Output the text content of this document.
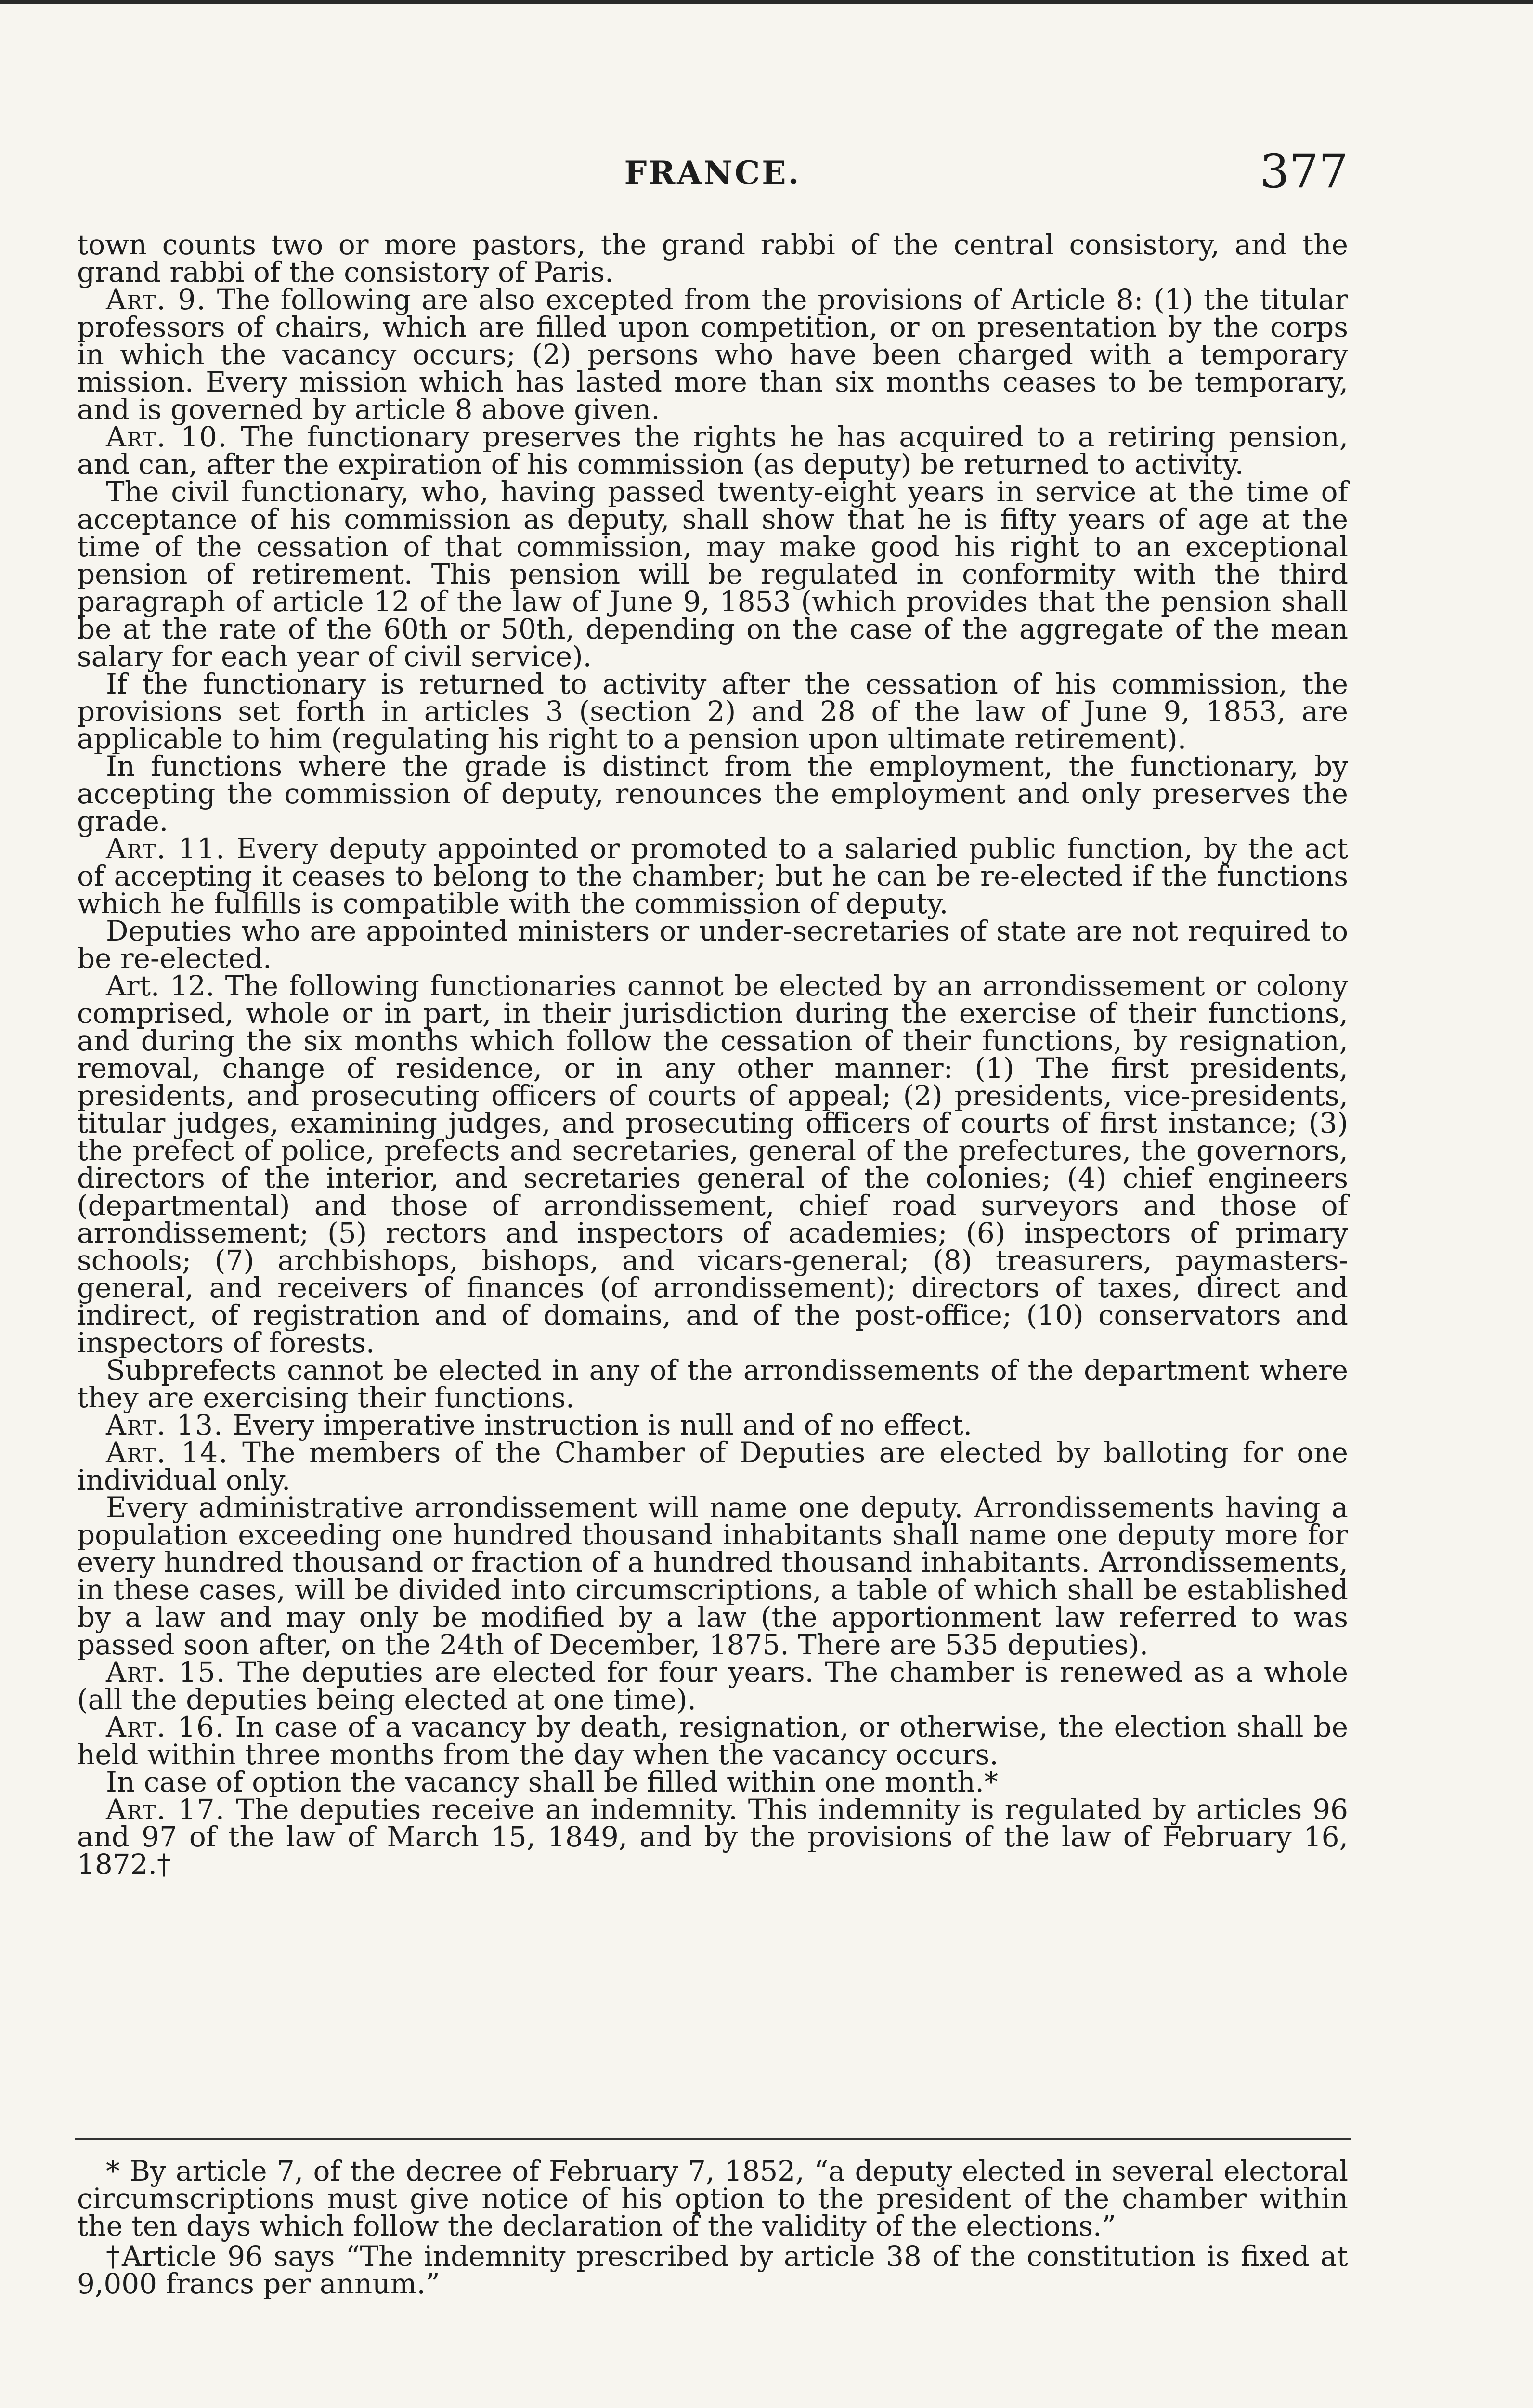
FRANCE.	377

town counts two or more pastors, the grand rabbi of the central consistory, and the grand rabbi of the consistory of Paris.

Art. 9. The following are also excepted from the provisions of Article 8: (1) the titular professors of chairs, which are filled upon competition, or on presentation by the corps in which the vacancy occurs; (2) persons who have been charged with a temporary mission. Every mission which has lasted more than six months ceases to be temporary, and is governed by article 8 above given.

Art. 10. The functionary preserves the rights he has acquired to a retiring pension, and can, after the expiration of his commission (as deputy) be returned to activity.

The civil functionary, who, having passed twenty-eight years in service at the time of acceptance of his commission as deputy, shall show that he is fifty years of age at the time of the cessation of that commission, may make good his right to an exceptional pension of retirement. This pension will be regulated in conformity with the third paragraph of article 12 of the law of June 9, 1853 (which provides that the pension shall be at the rate of the 60th or 50th, depending on the case of the aggregate of the mean salary for each year of civil service).

If the functionary is returned to activity after the cessation of his commission, the provisions set forth in articles 3 (section 2) and 28 of the law of June 9, 1853, are applicable to him (regulating his right to a pension upon ultimate retirement).

In functions where the grade is distinct from the employment, the functionary, by accepting the commission of deputy, renounces the employment and only preserves the grade.

Art. 11. Every deputy appointed or promoted to a salaried public function, by the act of accepting it ceases to belong to the chamber; but he can be re-elected if the functions which he fulfills is compatible with the commission of deputy.

Deputies who are appointed ministers or under-secretaries of state are not required to be re-elected.

Art. 12. The following functionaries cannot be elected by an arrondissement or colony comprised, whole or in part, in their jurisdiction during the exercise of their functions, and during the six months which follow the cessation of their functions, by resignation, removal, change of residence, or in any other manner: (1) The first presidents, presidents, and prosecuting officers of courts of appeal; (2) presidents, vice-presidents, titular judges, examining judges, and prosecuting officers of courts of first instance; (3) the prefect of police, prefects and secretaries, general of the prefectures, the governors, directors of the interior, and secretaries general of the colonies; (4) chief engineers (departmental) and those of arrondissement, chief road surveyors and those of arrondissement; (5) rectors and inspectors of academies; (6) inspectors of primary schools; (7) archbishops, bishops, and vicars-general; (8) treasurers, paymasters-general, and receivers of finances (of arrondissement); directors of taxes, direct and indirect, of registration and of domains, and of the post-office; (10) conservators and inspectors of forests.

Subprefects cannot be elected in any of the arrondissements of the department where they are exercising their functions.

Art. 13. Every imperative instruction is null and of no effect.

Art. 14. The members of the Chamber of Deputies are elected by balloting for one individual only.

Every administrative arrondissement will name one deputy. Arrondissements having a population exceeding one hundred thousand inhabitants shall name one deputy more for every hundred thousand or fraction of a hundred thousand inhabitants. Arrondissements, in these cases, will be divided into circumscriptions, a table of which shall be established by a law and may only be modified by a law (the apportionment law referred to was passed soon after, on the 24th of December, 1875. There are 535 deputies).

Art. 15. The deputies are elected for four years. The chamber is renewed as a whole (all the deputies being elected at one time).

Art. 16. In case of a vacancy by death, resignation, or otherwise, the election shall be held within three months from the day when the vacancy occurs.

In case of option the vacancy shall be filled within one month.*

Art. 17. The deputies receive an indemnity. This indemnity is regulated by articles 96 and 97 of the law of March 15, 1849, and by the provisions of the law of February 16, 1872.†

* By article 7, of the decree of February 7, 1852, “a deputy elected in several electoral circumscriptions must give notice of his option to the president of the chamber within the ten days which follow the declaration of the validity of the elections.”

†Article 96 says “The indemnity prescribed by article 38 of the constitution is fixed at 9,000 francs per annum.”
